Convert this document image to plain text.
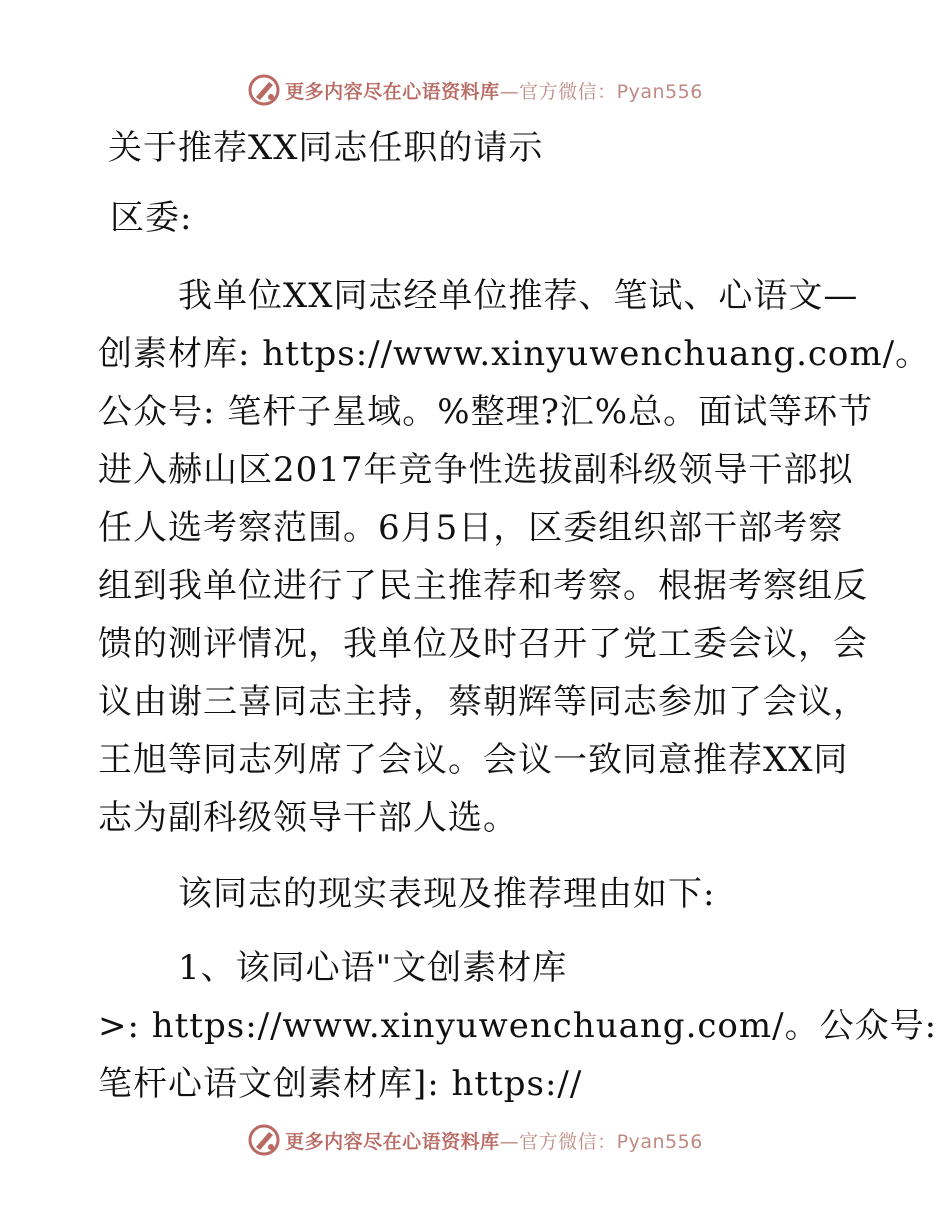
更多内容尽在心语资料库 —官方微信：Pyan556
关于推荐XX同志任职的请示
区委:
我单位XX同志经单位推荐、笔试、心语文—
创素材库: https://www.xinyuwenchuang.com/。
公众号: 笔杆子星域。%整理?汇%总。面试等环节
进入赫山区2017年竞争性选拔副科级领导干部拟
任人选考察范围。6月5日，区委组织部干部考察
组到我单位进行了民主推荐和考察。根据考察组反
馈的测评情况，我单位及时召开了党工委会议，会
议由谢三喜同志主持，蔡朝辉等同志参加了会议，
王旭等同志列席了会议。会议一致同意推荐XX同
志为副科级领导干部人选。
该同志的现实表现及推荐理由如下:
1、该同心语"文创素材库
>: https://www.xinyuwenchuang.com/。公众号:
笔杆心语文创素材库]: https://
更多内容尽在心语资料库 —官方微信：Pyan556
